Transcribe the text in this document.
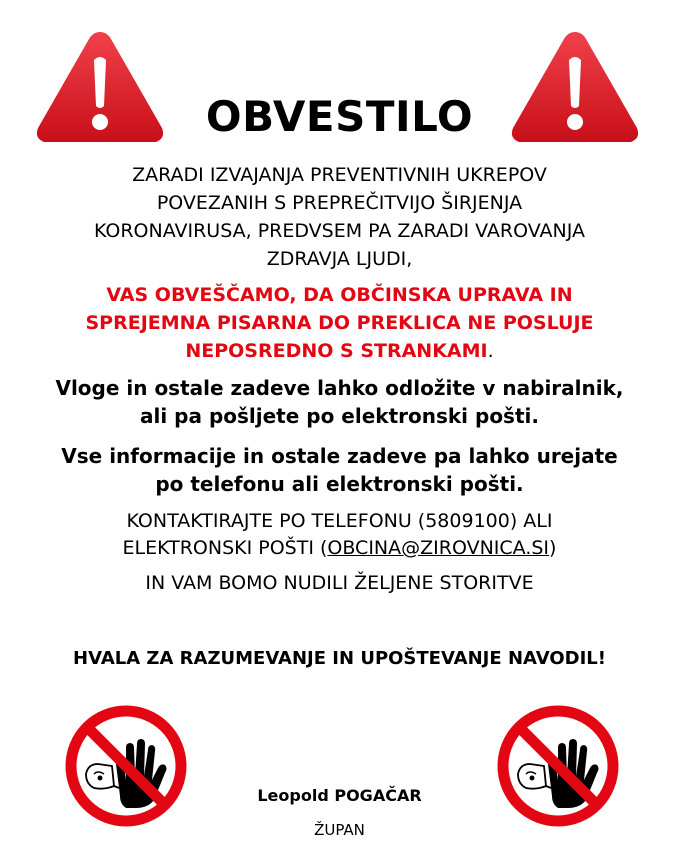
OBVESTILO
ZARADI IZVAJANJA PREVENTIVNIH UKREPOV
POVEZANIH S PREPREČITVIJO ŠIRJENJA
KORONAVIRUSA, PREDVSEM PA ZARADI VAROVANJA
ZDRAVJA LJUDI,
VAS OBVEŠČAMO, DA OBČINSKA UPRAVA IN
SPREJEMNA PISARNA DO PREKLICA NE POSLUJE
NEPOSREDNO S STRANKAMI.
Vloge in ostale zadeve lahko odložite v nabiralnik,
ali pa pošljete po elektronski pošti.
Vse informacije in ostale zadeve pa lahko urejate
po telefonu ali elektronski pošti.
KONTAKTIRAJTE PO TELEFONU (5809100) ALI
ELEKTRONSKI POŠTI (OBCINA@ZIROVNICA.SI)
IN VAM BOMO NUDILI ŽELJENE STORITVE
HVALA ZA RAZUMEVANJE IN UPOŠTEVANJE NAVODIL!
Leopold POGAČAR
ŽUPAN
